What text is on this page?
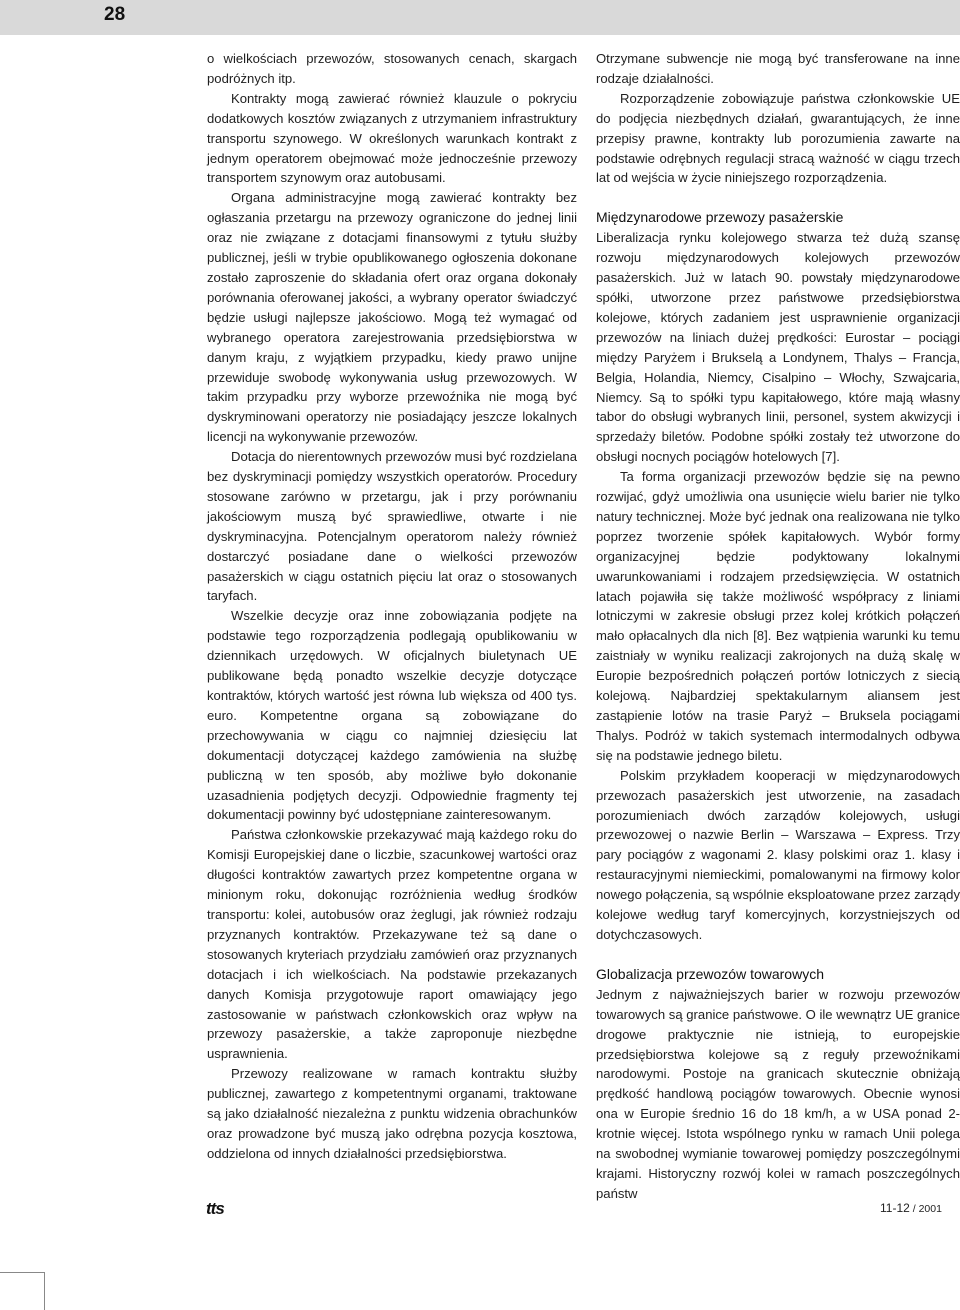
28

o wielkościach przewozów, stosowanych cenach, skargach podróżnych itp.

Kontrakty mogą zawierać również klauzule o pokryciu dodatkowych kosztów związanych z utrzymaniem infrastruktury transportu szynowego. W określonych warunkach kontrakt z jednym operatorem obejmować może jednocześnie przewozy transportem szynowym oraz autobusami.

Organa administracyjne mogą zawierać kontrakty bez ogłaszania przetargu na przewozy ograniczone do jednej linii oraz nie związane z dotacjami finansowymi z tytułu służby publicznej, jeśli w trybie opublikowanego ogłoszenia dokonane zostało zaproszenie do składania ofert oraz organa dokonały porównania oferowanej jakości, a wybrany operator świadczyć będzie usługi najlepsze jakościowo. Mogą też wymagać od wybranego operatora zarejestrowania przedsiębiorstwa w danym kraju, z wyjątkiem przypadku, kiedy prawo unijne przewiduje swobodę wykonywania usług przewozowych. W takim przypadku przy wyborze przewoźnika nie mogą być dyskryminowani operatorzy nie posiadający jeszcze lokalnych licencji na wykonywanie przewozów.

Dotacja do nierentownych przewozów musi być rozdzielana bez dyskryminacji pomiędzy wszystkich operatorów. Procedury stosowane zarówno w przetargu, jak i przy porównaniu jakościowym muszą być sprawiedliwe, otwarte i nie dyskryminacyjna. Potencjalnym operatorom należy również dostarczyć posiadane dane o wielkości przewozów pasażerskich w ciągu ostatnich pięciu lat oraz o stosowanych taryfach.

Wszelkie decyzje oraz inne zobowiązania podjęte na podstawie tego rozporządzenia podlegają opublikowaniu w dziennikach urzędowych. W oficjalnych biuletynach UE publikowane będą ponadto wszelkie decyzje dotyczące kontraktów, których wartość jest równa lub większa od 400 tys. euro. Kompetentne organa są zobowiązane do przechowywania w ciągu co najmniej dziesięciu lat dokumentacji dotyczącej każdego zamówienia na służbę publiczną w ten sposób, aby możliwe było dokonanie uzasadnienia podjętych decyzji. Odpowiednie fragmenty tej dokumentacji powinny być udostępniane zainteresowanym.

Państwa członkowskie przekazywać mają każdego roku do Komisji Europejskiej dane o liczbie, szacunkowej wartości oraz długości kontraktów zawartych przez kompetentne organa w minionym roku, dokonując rozróżnienia według środków transportu: kolei, autobusów oraz żeglugi, jak również rodzaju przyznanych kontraktów. Przekazywane też są dane o stosowanych kryteriach przydziału zamówień oraz przyznanych dotacjach i ich wielkościach. Na podstawie przekazanych danych Komisja przygotowuje raport omawiający jego zastosowanie w państwach członkowskich oraz wpływ na przewozy pasażerskie, a także zaproponuje niezbędne usprawnienia.

Przewozy realizowane w ramach kontraktu służby publicznej, zawartego z kompetentnymi organami, traktowane są jako działalność niezależna z punktu widzenia obrachunków oraz prowadzone być muszą jako odrębna pozycja kosztowa, oddzielona od innych działalności przedsiębiorstwa.

Otrzymane subwencje nie mogą być transferowane na inne rodzaje działalności.

Rozporządzenie zobowiązuje państwa członkowskie UE do podjęcia niezbędnych działań, gwarantujących, że inne przepisy prawne, kontrakty lub porozumienia zawarte na podstawie odrębnych regulacji stracą ważność w ciągu trzech lat od wejścia w życie niniejszego rozporządzenia.

Międzynarodowe przewozy pasażerskie

Liberalizacja rynku kolejowego stwarza też dużą szansę rozwoju międzynarodowych kolejowych przewozów pasażerskich. Już w latach 90. powstały międzynarodowe spółki, utworzone przez państwowe przedsiębiorstwa kolejowe, których zadaniem jest usprawnienie organizacji przewozów na liniach dużej prędkości: Eurostar – pociągi między Paryżem i Brukselą a Londynem, Thalys – Francja, Belgia, Holandia, Niemcy, Cisalpino – Włochy, Szwajcaria, Niemcy. Są to spółki typu kapitałowego, które mają własny tabor do obsługi wybranych linii, personel, system akwizycji i sprzedaży biletów. Podobne spółki zostały też utworzone do obsługi nocnych pociągów hotelowych [7].

Ta forma organizacji przewozów będzie się na pewno rozwijać, gdyż umożliwia ona usunięcie wielu barier nie tylko natury technicznej. Może być jednak ona realizowana nie tylko poprzez tworzenie spółek kapitałowych. Wybór formy organizacyjnej będzie podyktowany lokalnymi uwarunkowaniami i rodzajem przedsięwzięcia. W ostatnich latach pojawiła się także możliwość współpracy z liniami lotniczymi w zakresie obsługi przez kolej krótkich połączeń mało opłacalnych dla nich [8]. Bez wątpienia warunki ku temu zaistniały w wyniku realizacji zakrojonych na dużą skalę w Europie bezpośrednich połączeń portów lotniczych z siecią kolejową. Najbardziej spektakularnym aliansem jest zastąpienie lotów na trasie Paryż – Bruksela pociągami Thalys. Podróż w takich systemach intermodalnych odbywa się na podstawie jednego biletu.

Polskim przykładem kooperacji w międzynarodowych przewozach pasażerskich jest utworzenie, na zasadach porozumieniach dwóch zarządów kolejowych, usługi przewozowej o nazwie Berlin – Warszawa – Express. Trzy pary pociągów z wagonami 2. klasy polskimi oraz 1. klasy i restauracyjnymi niemieckimi, pomalowanymi na firmowy kolor nowego połączenia, są wspólnie eksploatowane przez zarządy kolejowe według taryf komercyjnych, korzystniejszych od dotychczasowych.

Globalizacja przewozów towarowych

Jednym z najważniejszych barier w rozwoju przewozów towarowych są granice państwowe. O ile wewnątrz UE granice drogowe praktycznie nie istnieją, to europejskie przedsiębiorstwa kolejowe są z reguły przewoźnikami narodowymi. Postoje na granicach skutecznie obniżają prędkość handlową pociągów towarowych. Obecnie wynosi ona w Europie średnio 16 do 18 km/h, a w USA ponad 2-krotnie więcej. Istota wspólnego rynku w ramach Unii polega na swobodnej wymianie towarowej pomiędzy poszczególnymi krajami. Historyczny rozwój kolei w ramach poszczególnych państw

tts	11-12 / 2001
